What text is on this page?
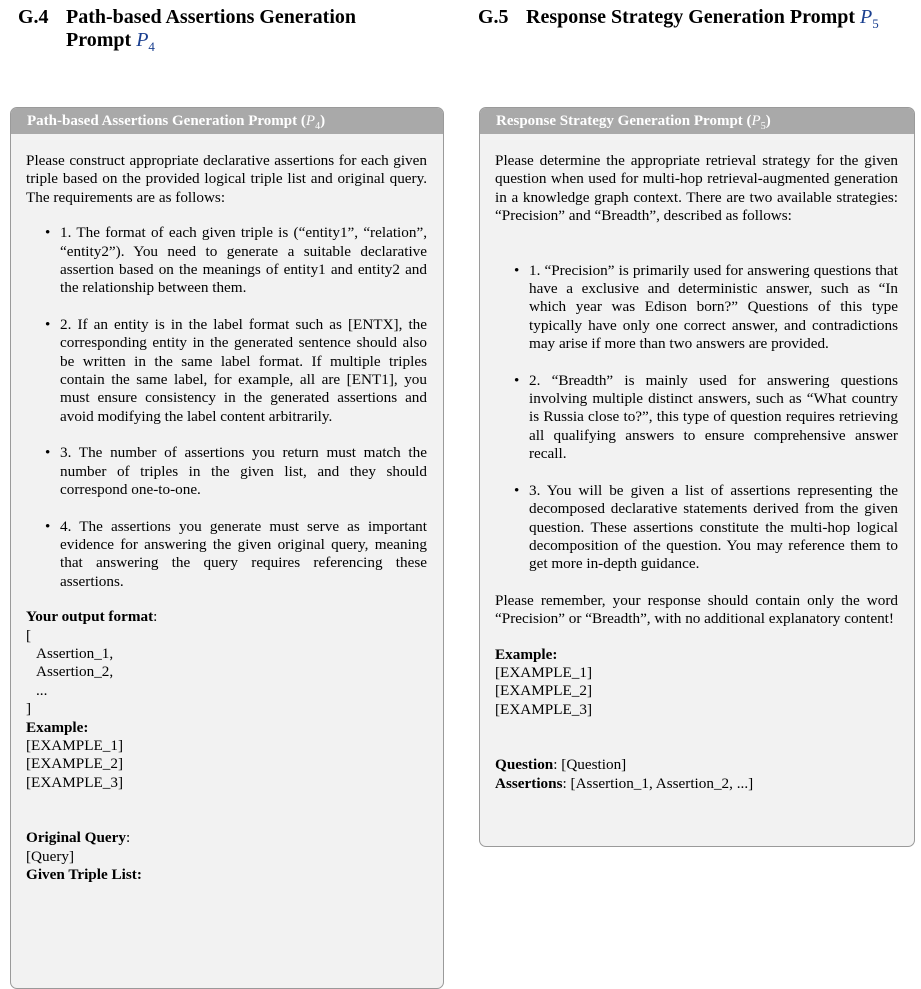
G.4 Path-based Assertions Generation Prompt $P_4$
G.5 Response Strategy Generation Prompt $P_5$
Path-based Assertions Generation Prompt $(P_4)$

Please construct appropriate declarative assertions for each given triple based on the provided logical triple list and original query. The requirements are as follows:

• 1. The format of each given triple is (“entity1”, “relation”, “entity2”). You need to generate a suitable declarative assertion based on the meanings of entity1 and entity2 and the relationship between them.
• 2. If an entity is in the label format such as [ENTX], the corresponding entity in the generated sentence should also be written in the same label format. If multiple triples contain the same label, for example, all are [ENT1], you must ensure consistency in the generated assertions and avoid modifying the label content arbitrarily.
• 3. The number of assertions you return must match the number of triples in the given list, and they should correspond one-to-one.
• 4. The assertions you generate must serve as important evidence for answering the given original query, meaning that answering the query requires referencing these assertions.
Your output format:
[
Assertion_1,
Assertion_2,
...
]
Example:
[EXAMPLE_1]
[EXAMPLE_2]
[EXAMPLE_3]
Original Query:
[Query]
Given Triple List:
Response Strategy Generation Prompt $(P_5)$

Please determine the appropriate retrieval strategy for the given question when used for multi-hop retrieval-augmented generation in a knowledge graph context. There are two available strategies: “Precision” and “Breadth”, described as follows:

• 1. “Precision” is primarily used for answering questions that have a exclusive and deterministic answer, such as “In which year was Edison born?” Questions of this type typically have only one correct answer, and contradictions may arise if more than two answers are provided.
• 2. “Breadth” is mainly used for answering questions involving multiple distinct answers, such as “What country is Russia close to?”, this type of question requires retrieving all qualifying answers to ensure comprehensive answer recall.
• 3. You will be given a list of assertions representing the decomposed declarative statements derived from the given question. These assertions constitute the multi-hop logical decomposition of the question. You may reference them to get more in-depth guidance.

Please remember, your response should contain only the word “Precision” or “Breadth”, with no additional explanatory content!

Example:
[EXAMPLE_1]
[EXAMPLE_2]
[EXAMPLE_3]
Question: [Question]
Assertions: [Assertion_1, Assertion_2, ...]
